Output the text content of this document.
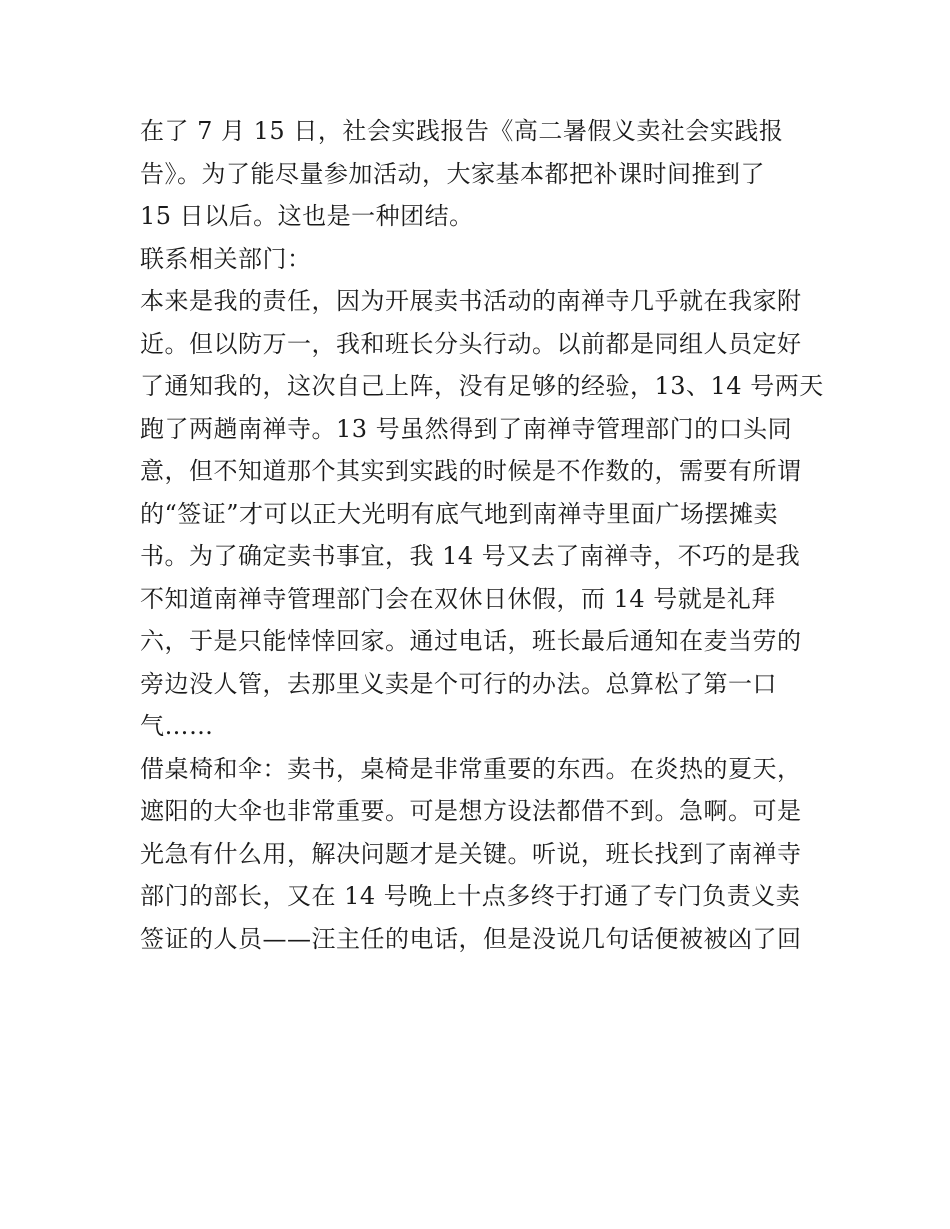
在了 7 月 15 日，社会实践报告《高二暑假义卖社会实践报
告》。为了能尽量参加活动，大家基本都把补课时间推到了
15 日以后。这也是一种团结。
联系相关部门：
本来是我的责任，因为开展卖书活动的南禅寺几乎就在我家附
近。但以防万一，我和班长分头行动。以前都是同组人员定好
了通知我的，这次自己上阵，没有足够的经验，13、14 号两天
跑了两趟南禅寺。13 号虽然得到了南禅寺管理部门的口头同
意，但不知道那个其实到实践的时候是不作数的，需要有所谓
的“签证”才可以正大光明有底气地到南禅寺里面广场摆摊卖
书。为了确定卖书事宜，我 14 号又去了南禅寺，不巧的是我
不知道南禅寺管理部门会在双休日休假，而 14 号就是礼拜
六，于是只能悻悻回家。通过电话，班长最后通知在麦当劳的
旁边没人管，去那里义卖是个可行的办法。总算松了第一口
气……
借桌椅和伞：卖书，桌椅是非常重要的东西。在炎热的夏天，
遮阳的大伞也非常重要。可是想方设法都借不到。急啊。可是
光急有什么用，解决问题才是关键。听说，班长找到了南禅寺
部门的部长，又在 14 号晚上十点多终于打通了专门负责义卖
签证的人员——汪主任的电话，但是没说几句话便被被凶了回
